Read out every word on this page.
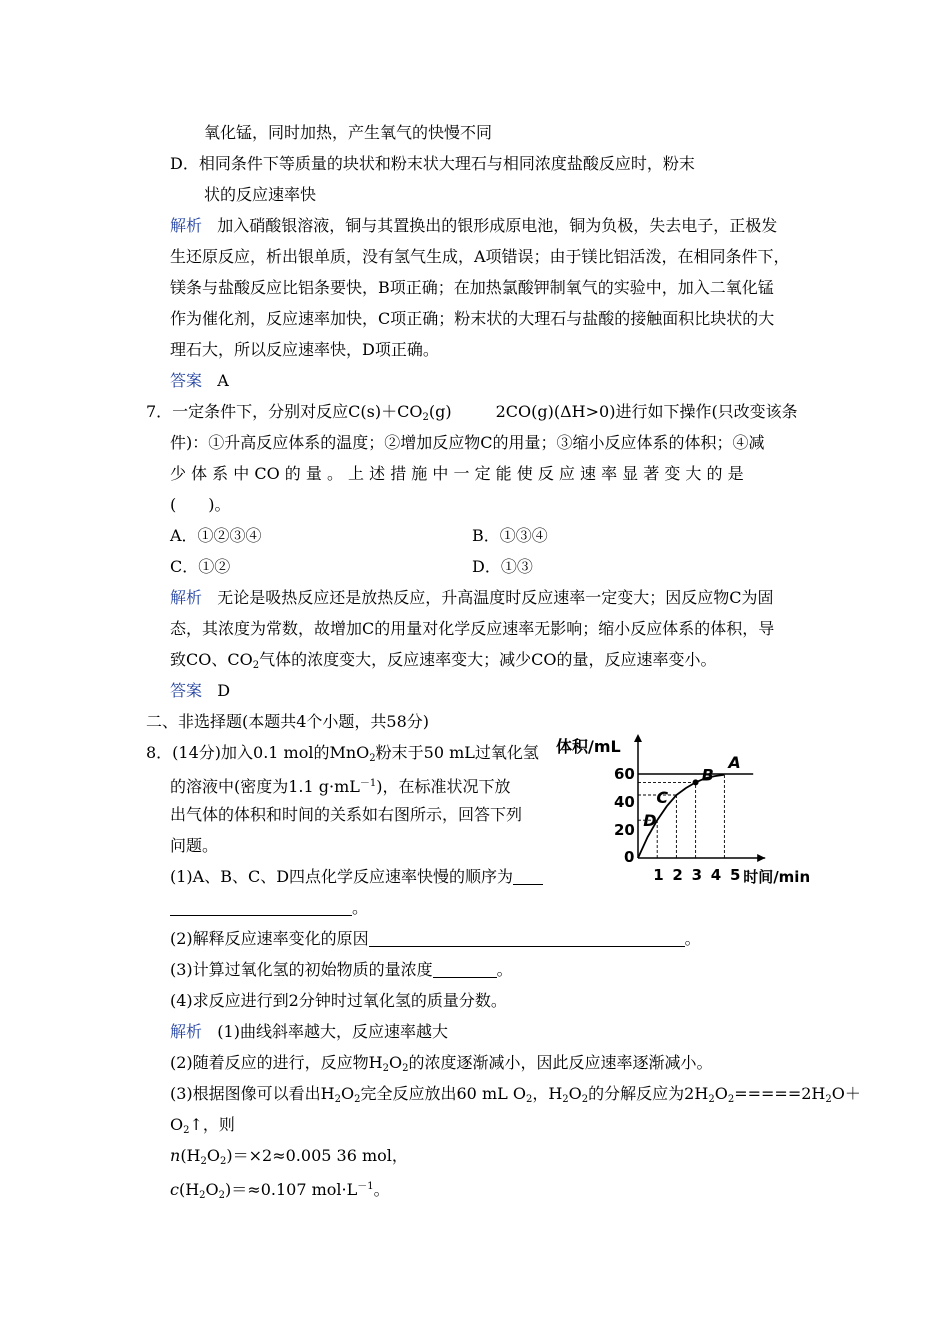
氧化锰，同时加热，产生氧气的快慢不同
D．相同条件下等质量的块状和粉末状大理石与相同浓度盐酸反应时，粉末
状的反应速率快
解析 加入硝酸银溶液，铜与其置换出的银形成原电池，铜为负极，失去电子，正极发
生还原反应，析出银单质，没有氢气生成，A项错误；由于镁比铝活泼，在相同条件下，
镁条与盐酸反应比铝条要快，B项正确；在加热氯酸钾制氧气的实验中，加入二氧化锰
作为催化剂，反应速率加快，C项正确；粉末状的大理石与盐酸的接触面积比块状的大
理石大，所以反应速率快，D项正确。
答案 A
7．一定条件下，分别对反应$C(s)+CO_2(g)$	2CO(g)(ΔH>0)进行如下操作(只改变该条
件)：①升高反应体系的温度；②增加反应物C的用量；③缩小反应体系的体积；④减
少 体 系 中 CO 的 量 。 上 述 措 施 中 一 定 能 使 反 应 速 率 显 著 变 大 的 是
(　　)。
A．①②③④	B．①③④
C．①②	D．①③
解析 无论是吸热反应还是放热反应，升高温度时反应速率一定变大；因反应物C为固
态，其浓度为常数，故增加C的用量对化学反应速率无影响；缩小反应体系的体积，导
致CO、$CO_2$气体的浓度变大，反应速率变大；减少CO的量，反应速率变小。
答案 D
二、非选择题(本题共4个小题，共58分)
8．(14分)加入0.1 mol的MnO$_2$粉末于50 mL过氧化氢
的溶液中(密度为1.1 $g\cdot mL^{-1}$)，在标准状况下放
出气体的体积和时间的关系如右图所示，回答下列
问题。
(1)A、B、C、D四点化学反应速率快慢的顺序为
。
(2)解释反应速率变化的原因	。
(3)计算过氧化氢的初始物质的量浓度	。
(4)求反应进行到2分钟时过氧化氢的质量分数。
解析 (1)曲线斜率越大，反应速率越大
(2)随着反应的进行，反应物$H_2O_2$的浓度逐渐减小，因此反应速率逐渐减小。
(3)根据图像可以看出$H_2O_2$完全反应放出60 mL $O_2$，$H_2O_2$的分解反应为$2H_2O_2=====2H_2O+$
$O_2↑$，则
$n(H_2O_2)=\times 2\approx 0.005$ 36 mol，
$c(H_2O_2)=\approx 0.107$ $mol\cdot L^{-1}$。
体积/mL
时间/min
0
1 2 3 4 5
20
40
60
D
C
B
A
